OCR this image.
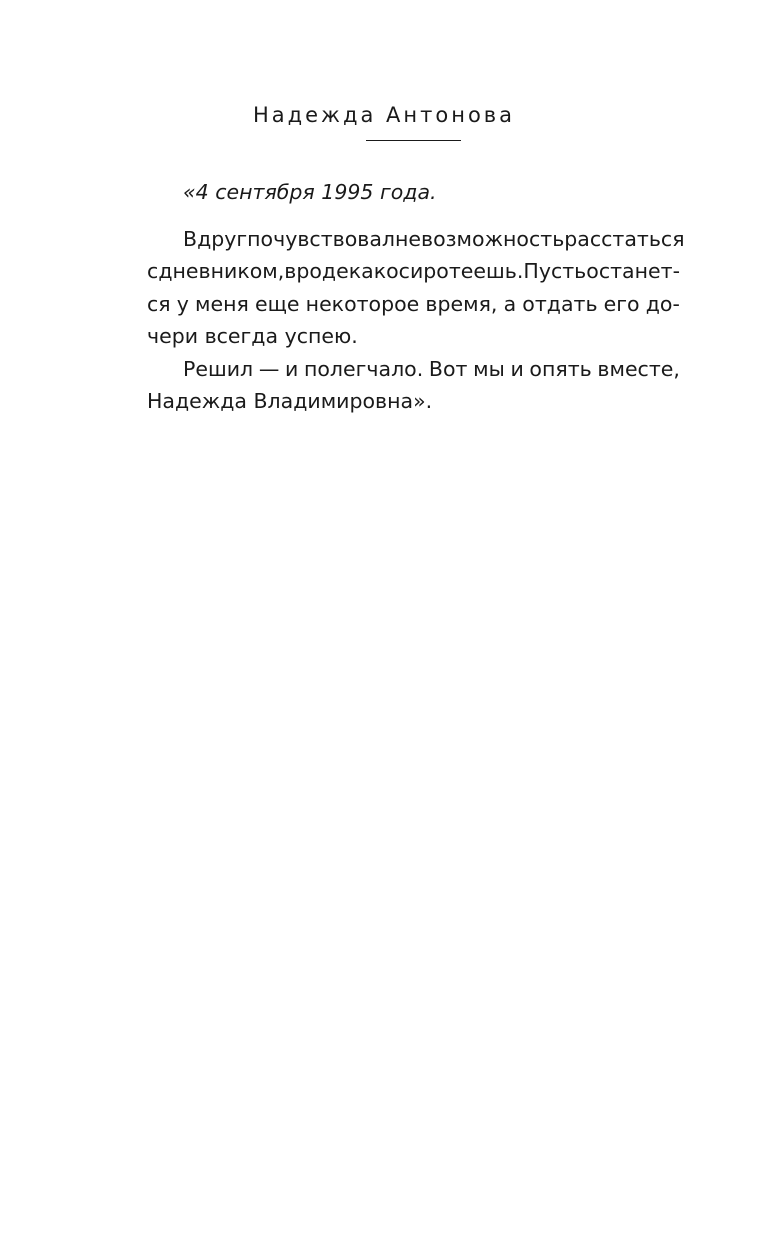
Надежда Антонова
«4 сентября 1995 года.
Вдруг почувствовал невозможность расстаться
с дневником, вроде как осиротеешь. Пусть останет-
ся у меня еще некоторое время, а отдать его до-
чери всегда успею.
Решил — и полегчало. Вот мы и опять вместе,
Надежда Владимировна».
